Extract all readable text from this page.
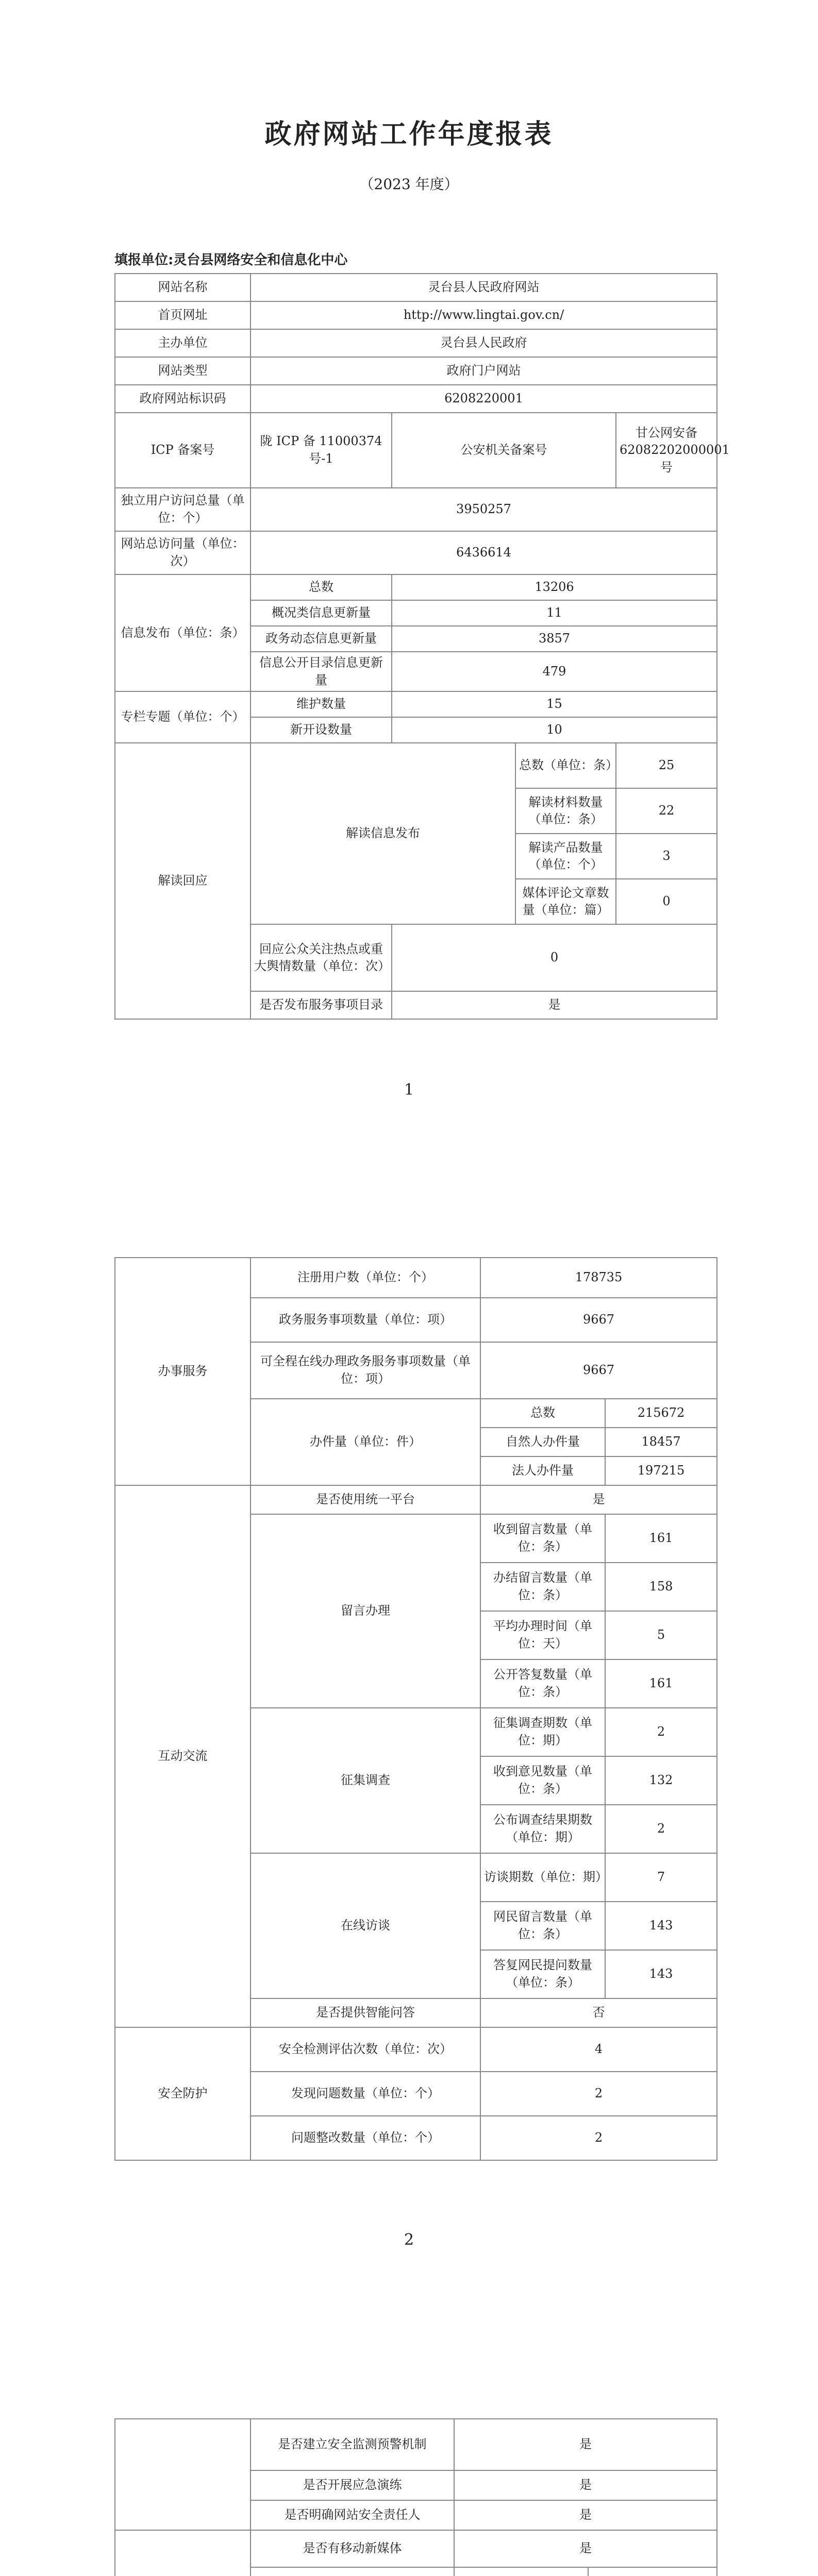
政府网站工作年度报表
（2023 年度）
填报单位:灵台县网络安全和信息化中心
网站名称	灵台县人民政府网站			
首页网址	http://www.lingtai.gov.cn/			
主办单位	灵台县人民政府			
网站类型	政府门户网站			
政府网站标识码	6208220001			
ICP 备案号	陇 ICP 备 11000374 号-1	公安机关备案号		甘公网安备 62082202000001 号
独立用户访问总量（单位：个）	3950257			
网站总访问量（单位：次）	6436614			
信息发布（单位：条）	总数	13206		
	概况类信息更新量	11		
	政务动态信息更新量	3857		
	信息公开目录信息更新量	479		
专栏专题（单位：个）	维护数量	15		
	新开设数量	10		
解读回应	解读信息发布		总数（单位：条）	25
			解读材料数量（单位：条）	22
			解读产品数量（单位：个）	3
			媒体评论文章数量（单位：篇）	0
	回应公众关注热点或重大舆情数量（单位：次）	0		
	是否发布服务事项目录	是		
1
办事服务	注册用户数（单位：个）	178735	
	政务服务事项数量（单位：项）	9667	
	可全程在线办理政务服务事项数量（单位：项）	9667	
	办件量（单位：件）	总数	215672
		自然人办件量	18457
		法人办件量	197215
互动交流	是否使用统一平台	是	
	留言办理	收到留言数量（单位：条）	161
		办结留言数量（单位：条）	158
		平均办理时间（单位：天）	5
		公开答复数量（单位：条）	161
	征集调查	征集调查期数（单位：期）	2
		收到意见数量（单位：条）	132
		公布调查结果期数（单位：期）	2
	在线访谈	访谈期数（单位：期）	7
		网民留言数量（单位：条）	143
		答复网民提问数量（单位：条）	143
	是否提供智能问答	否	
安全防护	安全检测评估次数（单位：次）	4	
	发现问题数量（单位：个）	2	
	问题整改数量（单位：个）	2	
2
	是否建立安全监测预警机制	是	
	是否开展应急演练	是	
	是否明确网站安全责任人	是	
	是否有移动新媒体	是	
